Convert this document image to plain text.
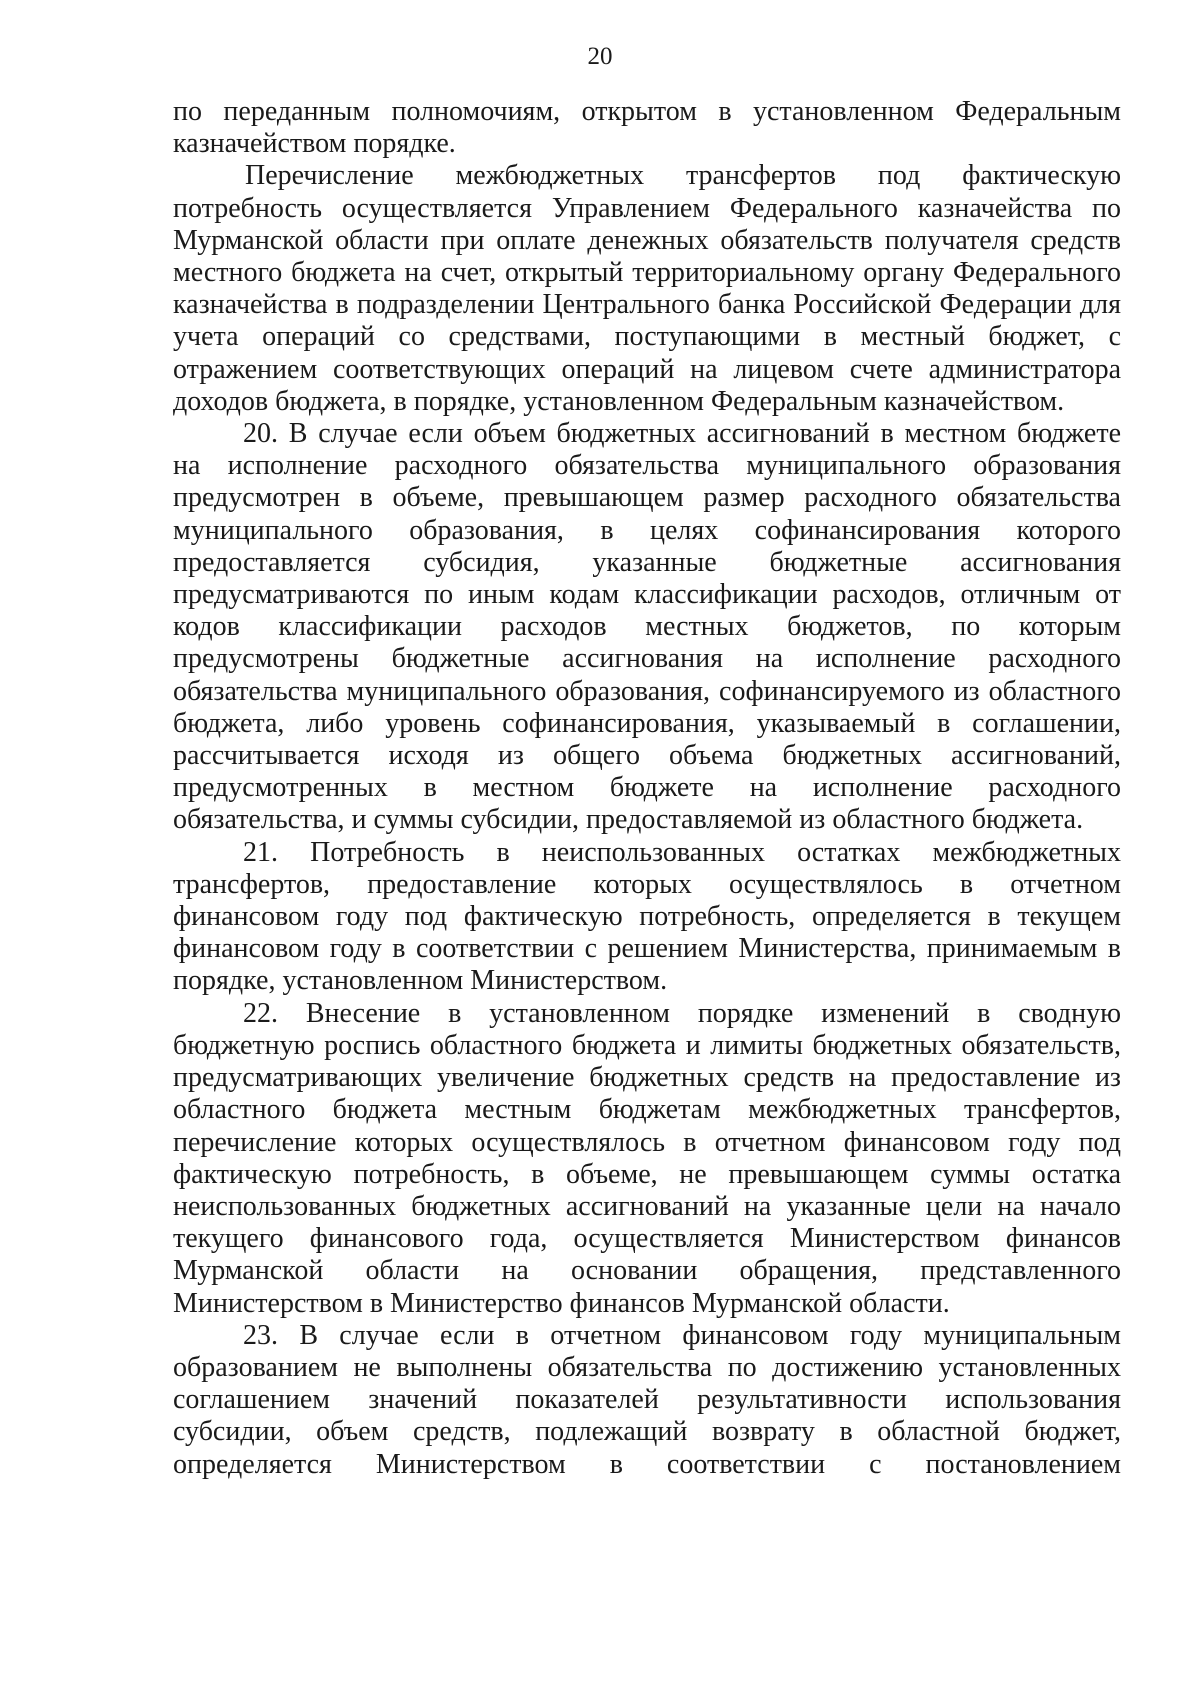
20

по переданным полномочиям, открытом в установленном Федеральным казначейством порядке.

Перечисление межбюджетных трансфертов под фактическую потребность осуществляется Управлением Федерального казначейства по Мурманской области при оплате денежных обязательств получателя средств местного бюджета на счет, открытый территориальному органу Федерального казначейства в подразделении Центрального банка Российской Федерации для учета операций со средствами, поступающими в местный бюджет, с отражением соответствующих операций на лицевом счете администратора доходов бюджета, в порядке, установленном Федеральным казначейством.

20. В случае если объем бюджетных ассигнований в местном бюджете на исполнение расходного обязательства муниципального образования предусмотрен в объеме, превышающем размер расходного обязательства муниципального образования, в целях софинансирования которого предоставляется субсидия, указанные бюджетные ассигнования предусматриваются по иным кодам классификации расходов, отличным от кодов классификации расходов местных бюджетов, по которым предусмотрены бюджетные ассигнования на исполнение расходного обязательства муниципального образования, софинансируемого из областного бюджета, либо уровень софинансирования, указываемый в соглашении, рассчитывается исходя из общего объема бюджетных ассигнований, предусмотренных в местном бюджете на исполнение расходного обязательства, и суммы субсидии, предоставляемой из областного бюджета.

21. Потребность в неиспользованных остатках межбюджетных трансфертов, предоставление которых осуществлялось в отчетном финансовом году под фактическую потребность, определяется в текущем финансовом году в соответствии с решением Министерства, принимаемым в порядке, установленном Министерством.

22. Внесение в установленном порядке изменений в сводную бюджетную роспись областного бюджета и лимиты бюджетных обязательств, предусматривающих увеличение бюджетных средств на предоставление из областного бюджета местным бюджетам межбюджетных трансфертов, перечисление которых осуществлялось в отчетном финансовом году под фактическую потребность, в объеме, не превышающем суммы остатка неиспользованных бюджетных ассигнований на указанные цели на начало текущего финансового года, осуществляется Министерством финансов Мурманской области на основании обращения, представленного Министерством в Министерство финансов Мурманской области.

23. В случае если в отчетном финансовом году муниципальным образованием не выполнены обязательства по достижению установленных соглашением значений показателей результативности использования субсидии, объем средств, подлежащий возврату в областной бюджет, определяется Министерством в соответствии с постановлением
